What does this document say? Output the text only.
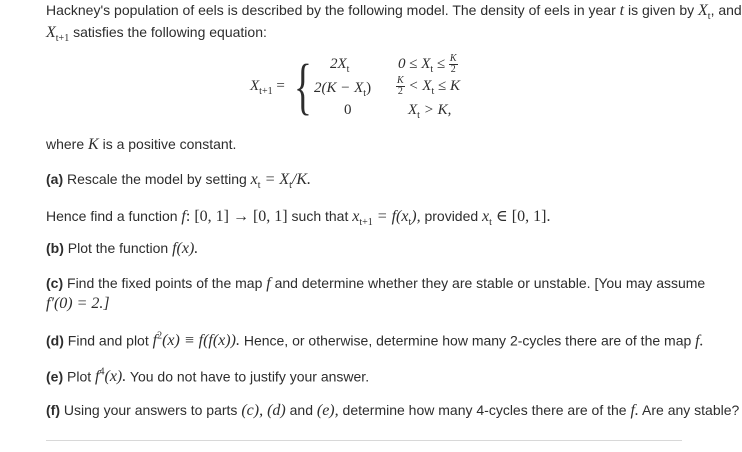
Hackney's population of eels is described by the following model. The density of eels in year t is given by $X_t$, and
$X_{t+1}$ satisfies the following equation:
$X_{t+1}$ = { $2X_t$	$0 \le X_t \le \frac{K}{2}$
$2(K - X_t) \frac{K}{2} < X_t \le K$
0	$X_t > K$,
where K is a positive constant.
(a) Rescale the model by setting $x_t = X_t/K$.
Hence find a function f: [0, 1] → [0, 1] such that $x_{t+1} = f(x_t)$, provided $x_t$ ∈ [0, 1].
(b) Plot the function f(x).
(c) Find the fixed points of the map f and determine whether they are stable or unstable. [You may assume
f′(0) = 2.]
(d) Find and plot $f^2(x) \equiv f(f(x))$. Hence, or otherwise, determine how many 2-cycles there are of the map f.
(e) Plot $f^4(x)$. You do not have to justify your answer.
(f) Using your answers to parts (c), (d) and (e), determine how many 4-cycles there are of the f. Are any stable?
